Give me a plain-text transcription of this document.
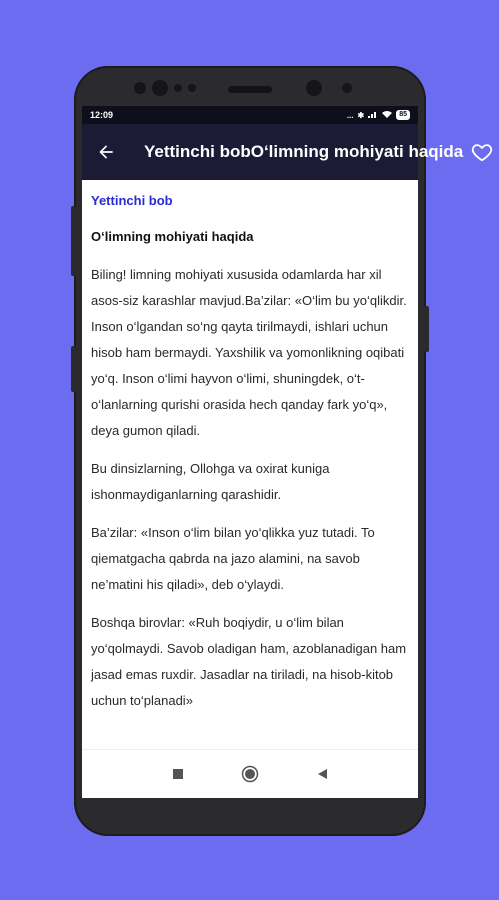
12:09	... ✱	85
Yettinchi bobO‘limning mohiyati haqida
Yettinchi bob
O‘limning mohiyati haqida

Biling! limning mohiyati xususida odamlarda har xil asos-siz karashlar mavjud.Ba’zilar: «O‘lim bu yo‘qlikdir. Inson o‘lgandan so‘ng qayta tirilmaydi, ishlari uchun hisob ham bermaydi. Yaxshilik va yomonlikning oqibati yo‘q. Inson o‘limi hayvon o‘limi, shuningdek, o‘t-o‘lanlarning qurishi orasida hech qanday fark yo‘q», deya gumon qiladi.

Bu dinsizlarning, Ollohga va oxirat kuniga ishonmaydiganlarning qarashidir.

Ba’zilar: «Inson o‘lim bilan yo‘qlikka yuz tutadi. To qiematgacha qabrda na jazo alamini, na savob ne’matini his qiladi», deb o‘ylaydi.

Boshqa birovlar: «Ruh boqiydir, u o‘lim bilan yo‘qolmaydi. Savob oladigan ham, azoblanadigan ham jasad emas ruxdir. Jasadlar na tiriladi, na hisob-kitob uchun to‘planadi»
